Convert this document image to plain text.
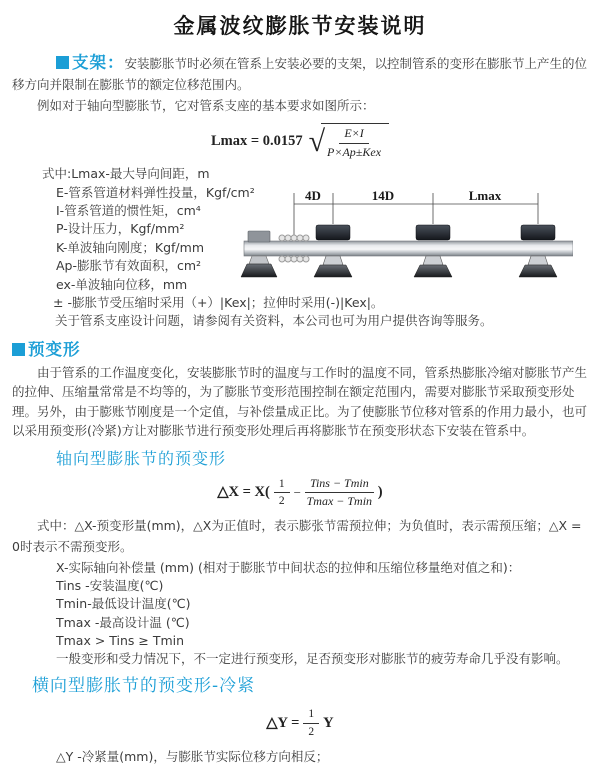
金属波纹膨胀节安装说明

支架：安装膨胀节时必须在管系上安装必要的支架，以控制管系的变形在膨胀节上产生的位移方向并限制在膨胀节的额定位移范围内。

例如对于轴向型膨胀节，它对管系支座的基本要求如图所示：

Lmax = 0.0157 √ $\frac{E\times I}{\text{P×Ap±Kex}}$
式中:Lmax-最大导向间距，m
E-管系管道材料弹性投量，Kgf/cm²
I-管系管道的惯性矩，cm⁴
P-设计压力，Kgf/mm²
K-单波轴向刚度；Kgf/mm
Ap-膨胀节有效面积，cm²
ex-单波轴向位移，mm
± -膨胀节受压缩时采用（+）|Kex|；拉伸时采用(-)|Kex|。
关于管系支座设计问题，请参阅有关资料，本公司也可为用户提供咨询等服务。
4D	14D	Lmax
预变形

由于管系的工作温度变化，安装膨胀节时的温度与工作时的温度不同，管系热膨胀冷缩对膨胀节产生的拉伸、压缩量常常是不均等的，为了膨胀节变形范围控制在额定范围内，需要对膨胀节采取预变形处理。另外，由于膨账节刚度是一个定值，与补偿量成正比。为了使膨胀节位移对管系的作用力最小，也可以采用预变形(冷紧)方让对膨胀节进行预变形处理后再将膨胀节在预变形状态下安装在管系中。

轴向型膨胀节的预变形
△X = $X( \frac{1}{2} - \frac{\text{Tins − Tmin}}{Tmax - Tmin}$ )

式中：△X-预变形量(mm)，△X为正值时，表示膨张节需预拉伸；为负值时，表示需预压缩；△X = 0时表示不需预变形。

X-实际轴向补偿量 (mm) (相对于膨胀节中间状态的拉伸和压缩位移量绝对值之和)：
Tins -安装温度(℃)
Tmin-最低设计温度(℃)
Tmax -最高设计温 (℃)
Tmax > Tins ≥ Tmin
一般变形和受力情况下，不一定进行预变形，足否预变形对膨胀节的疲劳寿命几乎没有影响。
横向型膨胀节的预变形-冷紧
△Y = $\frac{1}{2}$ Y
△Y -冷紧量(mm)，与膨胀节实际位移方向相反；
